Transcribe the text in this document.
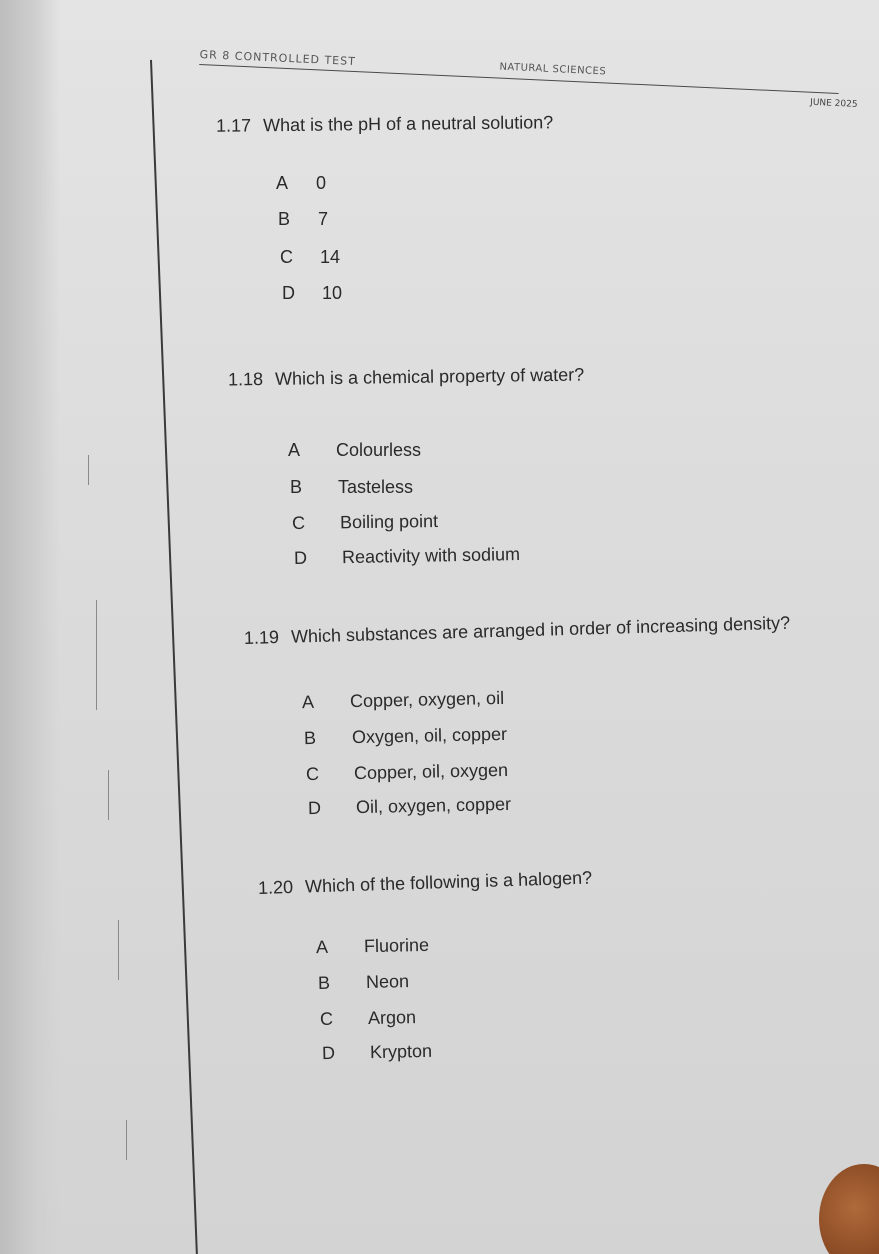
GR 8 CONTROLLED TEST
NATURAL SCIENCES
JUNE 2025
1.17 What is the pH of a neutral solution?
A 0
B 7
C 14
D 10
1.18 Which is a chemical property of water?
A Colourless
B Tasteless
C Boiling point
D Reactivity with sodium
1.19 Which substances are arranged in order of increasing density?
A Copper, oxygen, oil
B Oxygen, oil, copper
C Copper, oil, oxygen
D Oil, oxygen, copper
1.20 Which of the following is a halogen?
A Fluorine
B Neon
C Argon
D Krypton
